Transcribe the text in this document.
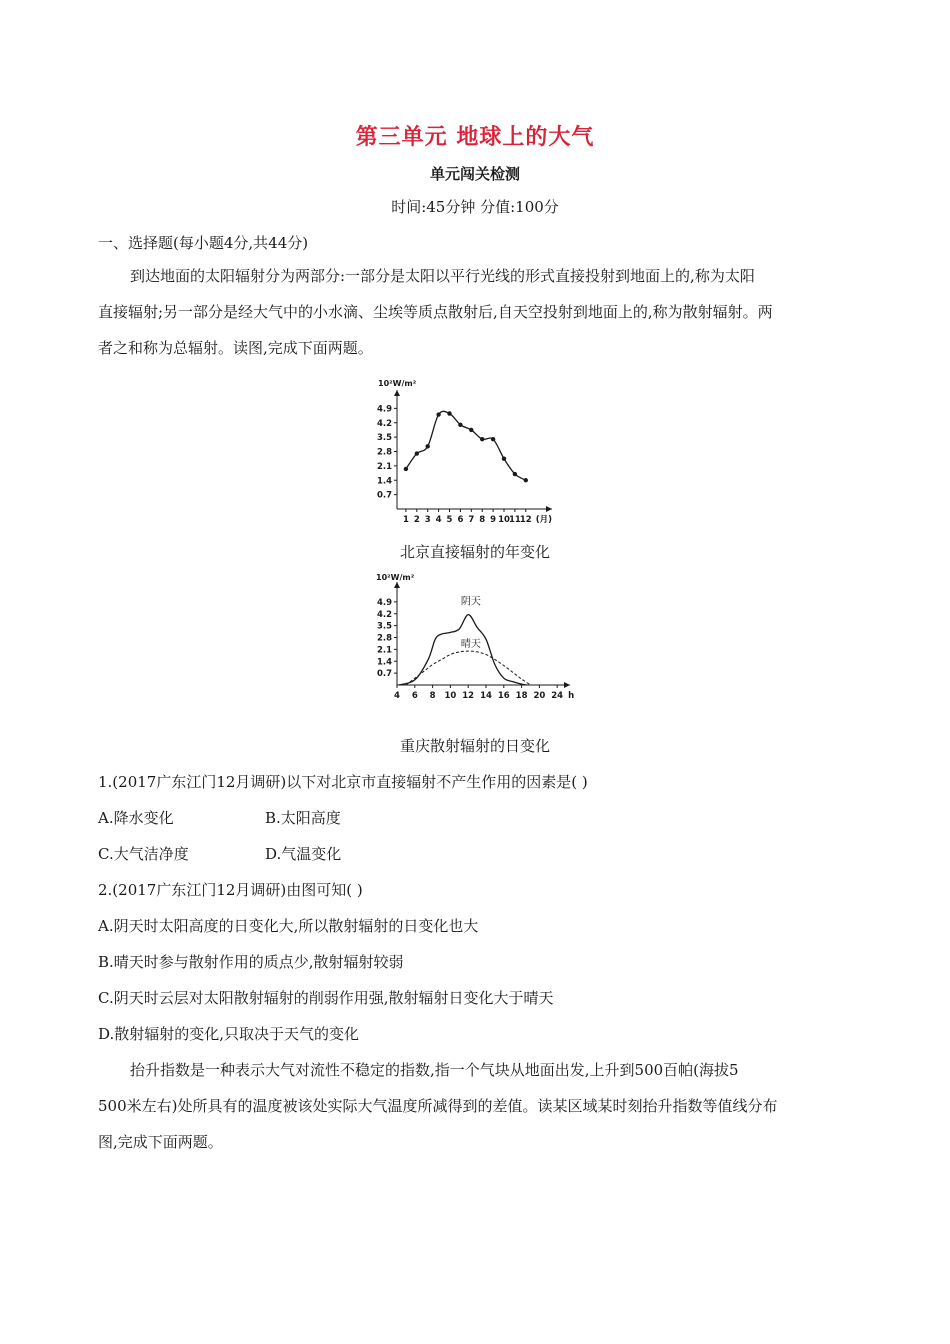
第三单元 地球上的大气
单元闯关检测
时间:45分钟 分值:100分
一、选择题(每小题4分,共44分)
到达地面的太阳辐射分为两部分:一部分是太阳以平行光线的形式直接投射到地面上的,称为太阳
直接辐射;另一部分是经大气中的小水滴、尘埃等质点散射后,自天空投射到地面上的,称为散射辐射。两
者之和称为总辐射。读图,完成下面两题。
10²W/m²
0.7
1.4
2.1
2.8
3.5
4.2
4.9
1 2 3 4 5 6 7 8 9 10 11 12 (月)
北京直接辐射的年变化
10²W/m²
0.7
1.4
2.1
2.8
3.5
4.2
4.9
4 6 8 10 12 14 16 18 20 24 h
阴天
晴天
重庆散射辐射的日变化
1.(2017广东江门12月调研)以下对北京市直接辐射不产生作用的因素是( )
A.降水变化	B.太阳高度
C.大气洁净度	D.气温变化
2.(2017广东江门12月调研)由图可知( )
A.阴天时太阳高度的日变化大,所以散射辐射的日变化也大
B.晴天时参与散射作用的质点少,散射辐射较弱
C.阴天时云层对太阳散射辐射的削弱作用强,散射辐射日变化大于晴天
D.散射辐射的变化,只取决于天气的变化
抬升指数是一种表示大气对流性不稳定的指数,指一个气块从地面出发,上升到500百帕(海拔5
500米左右)处所具有的温度被该处实际大气温度所减得到的差值。读某区域某时刻抬升指数等值线分布
图,完成下面两题。
